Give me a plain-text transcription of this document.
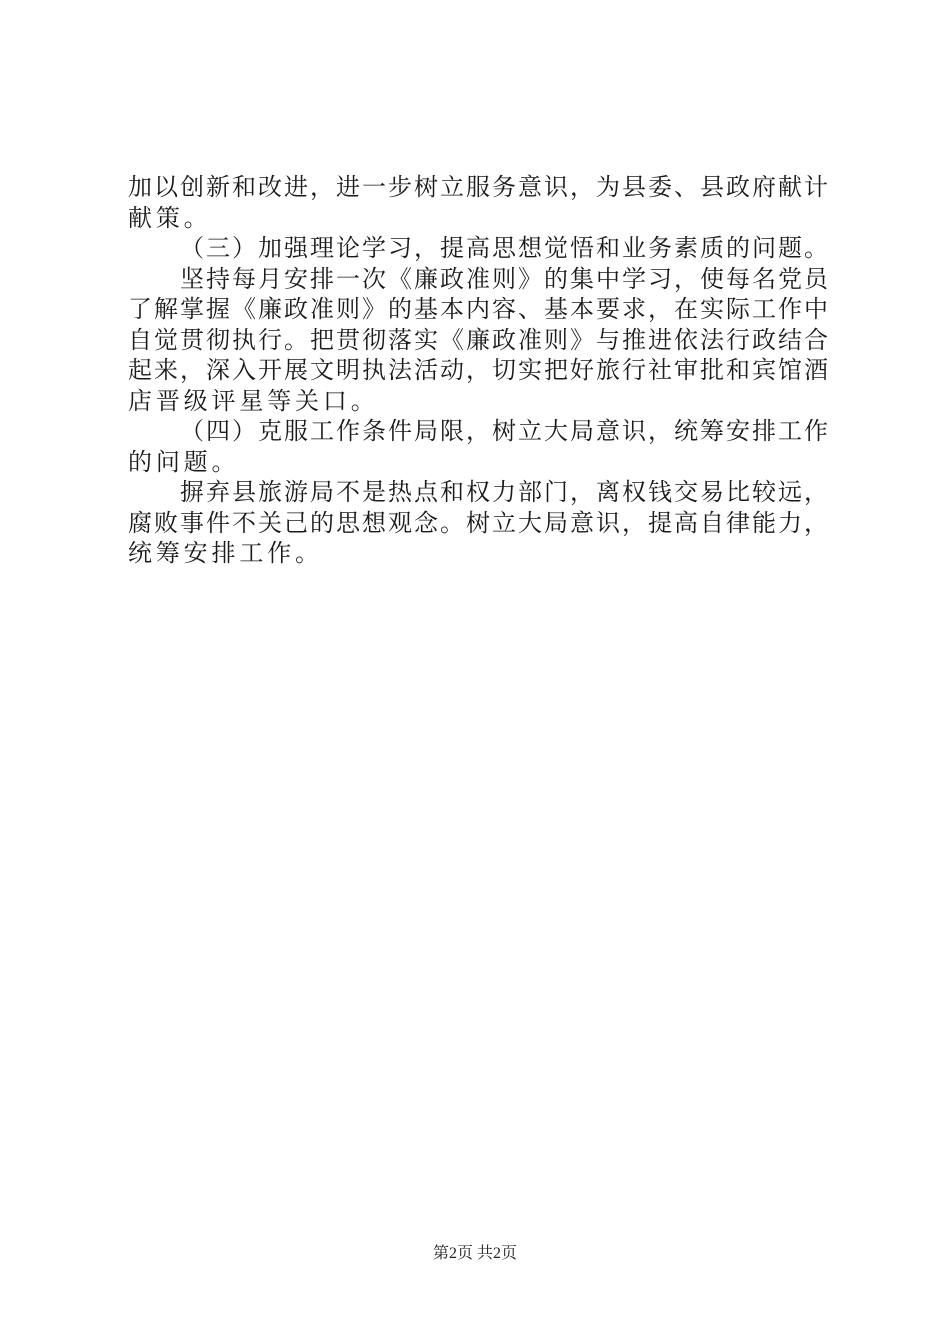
加以创新和改进，进一步树立服务意识，为县委、县政府献计
献策。
（三）加强理论学习，提高思想觉悟和业务素质的问题。
坚持每月安排一次《廉政准则》的集中学习，使每名党员
了解掌握《廉政准则》的基本内容、基本要求，在实际工作中
自觉贯彻执行。把贯彻落实《廉政准则》与推进依法行政结合
起来，深入开展文明执法活动，切实把好旅行社审批和宾馆酒
店晋级评星等关口。
（四）克服工作条件局限，树立大局意识，统筹安排工作
的问题。
摒弃县旅游局不是热点和权力部门，离权钱交易比较远，
腐败事件不关己的思想观念。树立大局意识，提高自律能力，
统筹安排工作。
第2页 共2页
